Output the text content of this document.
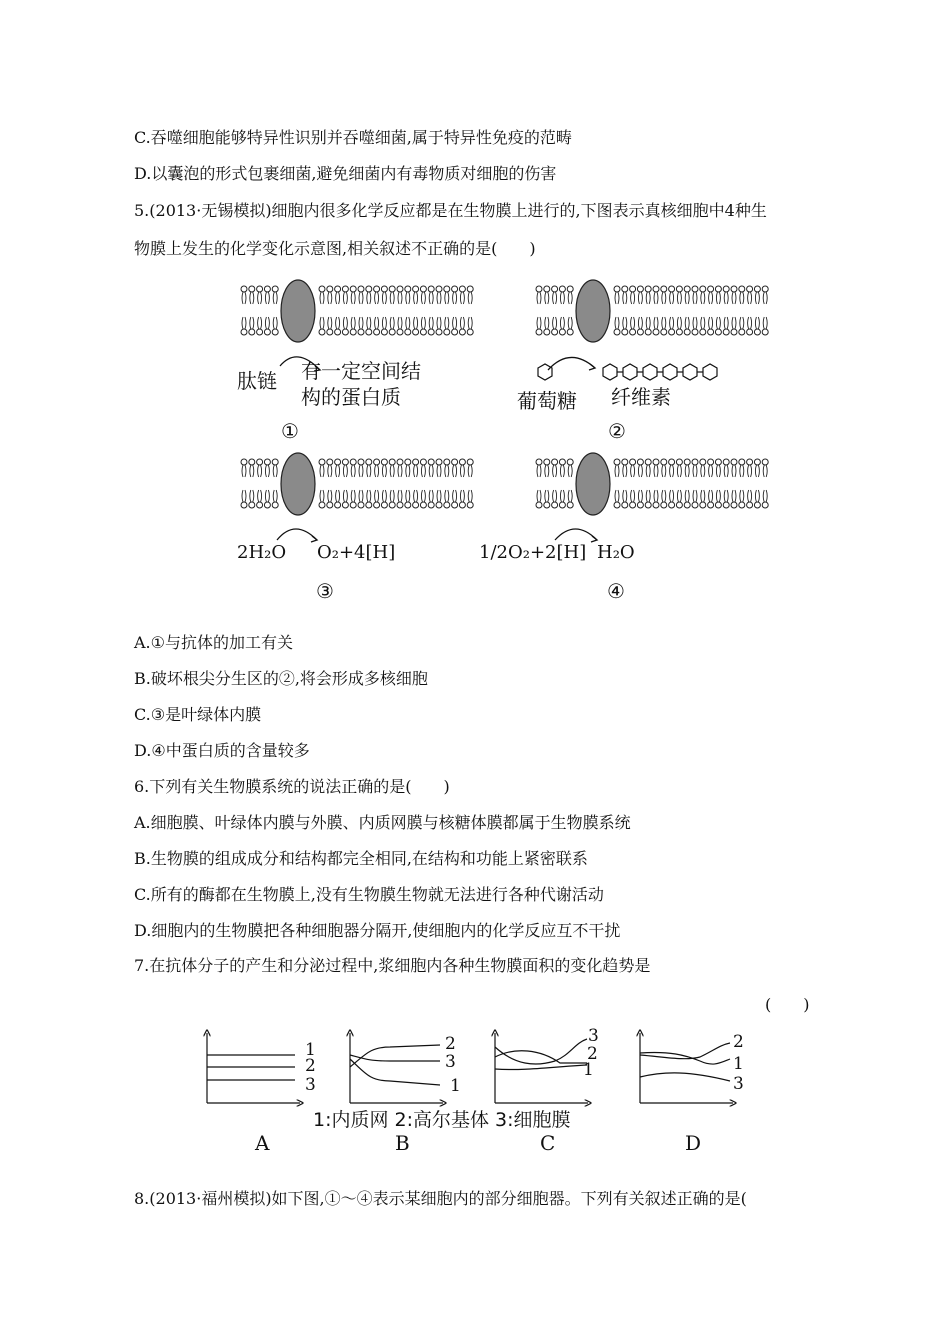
C.吞噬细胞能够特异性识别并吞噬细菌,属于特异性免疫的范畴
D.以囊泡的形式包裹细菌,避免细菌内有毒物质对细胞的伤害
5.(2013·无锡模拟)细胞内很多化学反应都是在生物膜上进行的,下图表示真核细胞中4种生
物膜上发生的化学变化示意图,相关叙述不正确的是(　　)
肽链 有一定空间结
构的蛋白质
①
葡萄糖 纤维素
②
2H₂O O₂+4[H]
③
1/2O₂+2[H] H₂O
④
A.①与抗体的加工有关
B.破坏根尖分生区的②,将会形成多核细胞
C.③是叶绿体内膜
D.④中蛋白质的含量较多
6.下列有关生物膜系统的说法正确的是(　　)
A.细胞膜、叶绿体内膜与外膜、内质网膜与核糖体膜都属于生物膜系统
B.生物膜的组成成分和结构都完全相同,在结构和功能上紧密联系
C.所有的酶都在生物膜上,没有生物膜生物就无法进行各种代谢活动
D.细胞内的生物膜把各种细胞器分隔开,使细胞内的化学反应互不干扰
7.在抗体分子的产生和分泌过程中,浆细胞内各种生物膜面积的变化趋势是
(　　)
1
2
3
2
3
1
3
2
1
2
1
3
1:内质网 2:高尔基体 3:细胞膜
A	B	C	D
8.(2013·福州模拟)如下图,①～④表示某细胞内的部分细胞器。下列有关叙述正确的是(
